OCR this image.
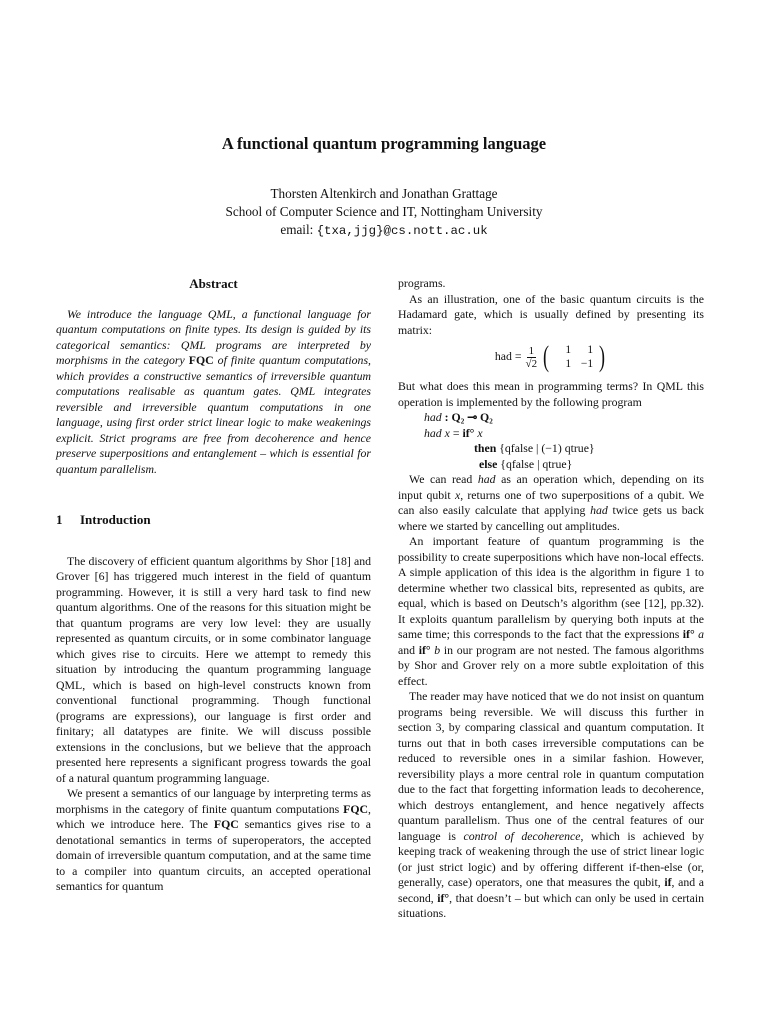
A functional quantum programming language
Thorsten Altenkirch and Jonathan Grattage
School of Computer Science and IT, Nottingham University
email: {txa,jjg}@cs.nott.ac.uk
Abstract

We introduce the language QML, a functional language for quantum computations on finite types. Its design is guided by its categorical semantics: QML programs are interpreted by morphisms in the category FQC of finite quantum computations, which provides a constructive semantics of irreversible quantum computations realisable as quantum gates. QML integrates reversible and irreversible quantum computations in one language, using first order strict linear logic to make weakenings explicit. Strict programs are free from decoherence and hence preserve superpositions and entanglement – which is essential for quantum parallelism.

1 Introduction

The discovery of efficient quantum algorithms by Shor [18] and Grover [6] has triggered much interest in the field of quantum programming. However, it is still a very hard task to find new quantum algorithms. One of the reasons for this situation might be that quantum programs are very low level: they are usually represented as quantum circuits, or in some combinator language which gives rise to circuits. Here we attempt to remedy this situation by introducing the quantum programming language QML, which is based on high-level constructs known from conventional functional programming. Though functional (programs are expressions), our language is first order and finitary; all datatypes are finite. We will discuss possible extensions in the conclusions, but we believe that the approach presented here represents a significant progress towards the goal of a natural quantum programming language.

We present a semantics of our language by interpreting terms as morphisms in the category of finite quantum computations FQC, which we introduce here. The FQC semantics gives rise to a denotational semantics in terms of superoperators, the accepted domain of irreversible quantum computation, and at the same time to a compiler into quantum circuits, an accepted operational semantics for quantum

programs.

As an illustration, one of the basic quantum circuits is the Hadamard gate, which is usually defined by presenting its matrix:

had = $\frac{1}{√2}$ (	1	1
1 −1 )

But what does this mean in programming terms? In QML this operation is implemented by the following program

had : Q₂ ⊸ Q₂
had x = if° x
then {qfalse | (−1) qtrue}
else {qfalse | qtrue}

We can read had as an operation which, depending on its input qubit x, returns one of two superpositions of a qubit. We can also easily calculate that applying had twice gets us back where we started by cancelling out amplitudes.

An important feature of quantum programming is the possibility to create superpositions which have non-local effects. A simple application of this idea is the algorithm in figure 1 to determine whether two classical bits, represented as qubits, are equal, which is based on Deutsch’s algorithm (see [12], pp.32). It exploits quantum parallelism by querying both inputs at the same time; this corresponds to the fact that the expressions if° a and if° b in our program are not nested. The famous algorithms by Shor and Grover rely on a more subtle exploitation of this effect.

The reader may have noticed that we do not insist on quantum programs being reversible. We will discuss this further in section 3, by comparing classical and quantum computation. It turns out that in both cases irreversible computations can be reduced to reversible ones in a similar fashion. However, reversibility plays a more central role in quantum computation due to the fact that forgetting information leads to decoherence, which destroys entanglement, and hence negatively affects quantum parallelism. Thus one of the central features of our language is control of decoherence, which is achieved by keeping track of weakening through the use of strict linear logic (or just strict logic) and by offering different if-then-else (or, generally, case) operators, one that measures the qubit, if, and a second, if°, that doesn’t – but which can only be used in certain situations.
